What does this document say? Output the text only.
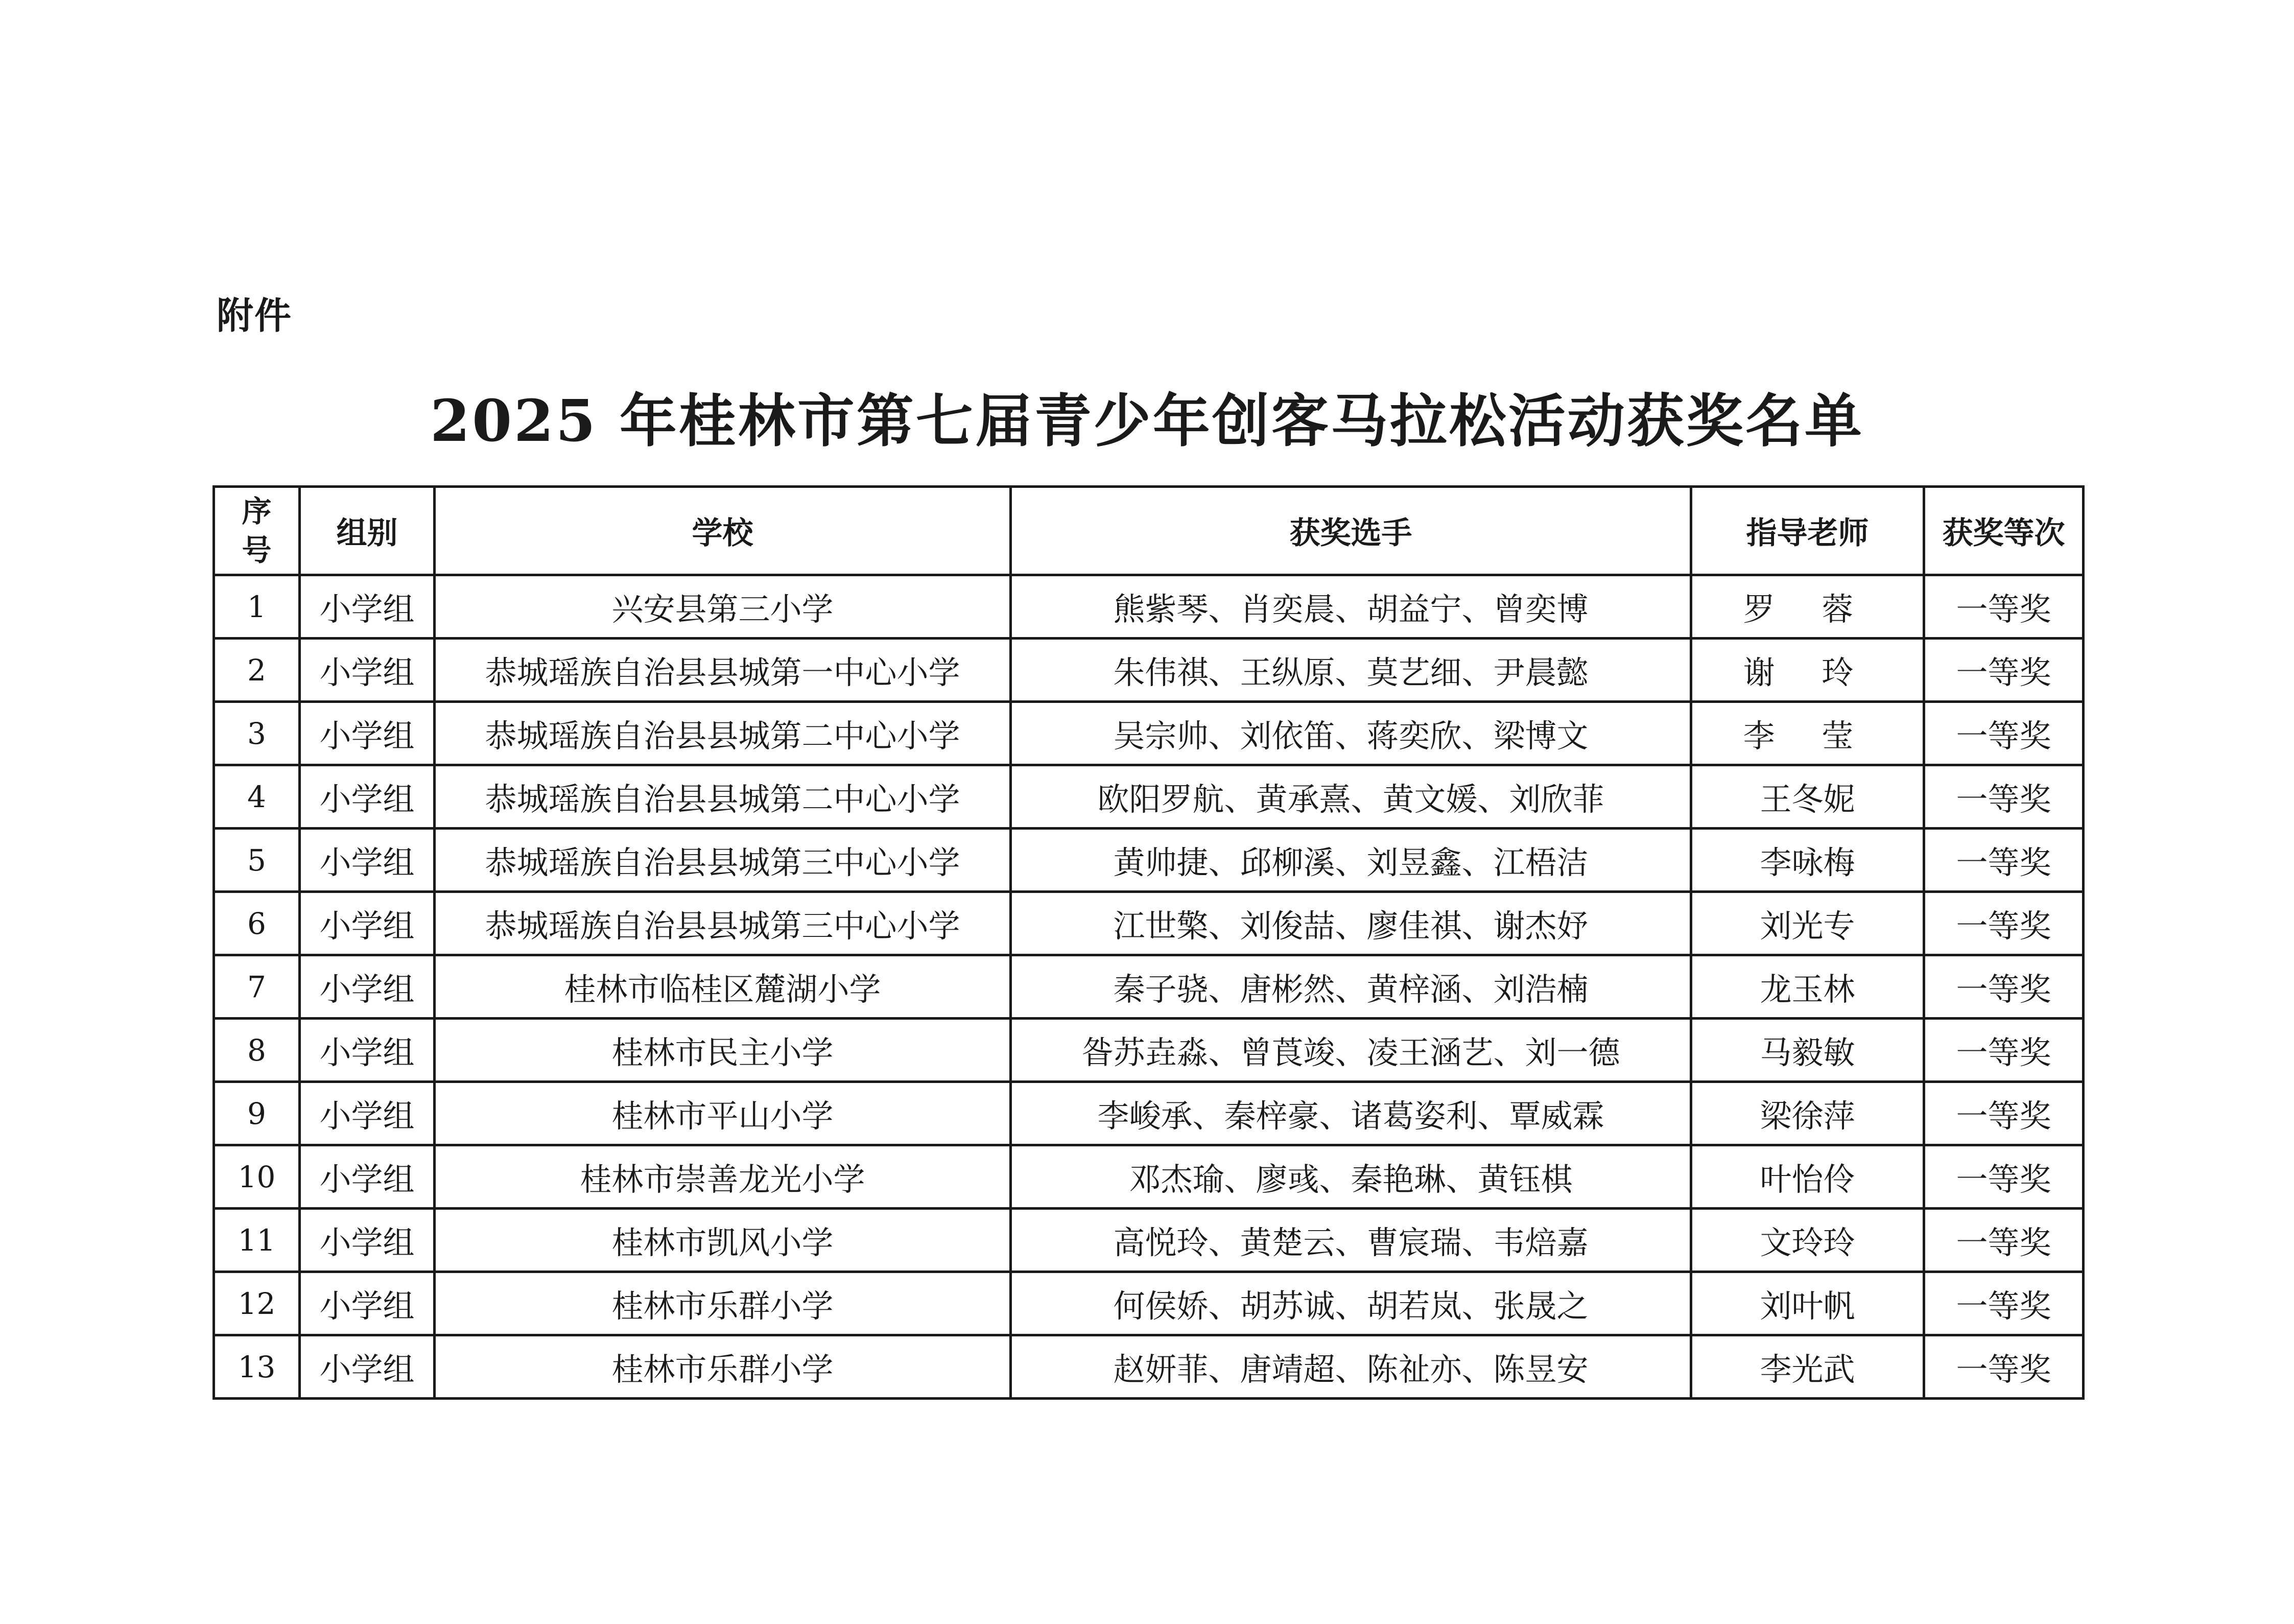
附件
2025 年桂林市第七届青少年创客马拉松活动获奖名单
序
号	组别	学校	获奖选手	指导老师	获奖等次
1	小学组	兴安县第三小学	熊紫琴、肖奕晨、胡益宁、曾奕博	罗 蓉	一等奖
2	小学组	恭城瑶族自治县县城第一中心小学	朱伟祺、王纵原、莫艺细、尹晨懿	谢 玲	一等奖
3	小学组	恭城瑶族自治县县城第二中心小学	吴宗帅、刘依笛、蒋奕欣、梁博文	李 莹	一等奖
4	小学组	恭城瑶族自治县县城第二中心小学	欧阳罗航、黄承熹、黄文媛、刘欣菲	王冬妮	一等奖
5	小学组	恭城瑶族自治县县城第三中心小学	黄帅捷、邱柳溪、刘昱鑫、江梧洁	李咏梅	一等奖
6	小学组	恭城瑶族自治县县城第三中心小学	江世檠、刘俊喆、廖佳祺、谢杰妤	刘光专	一等奖
7	小学组	桂林市临桂区麓湖小学	秦子骁、唐彬然、黄梓涵、刘浩楠	龙玉林	一等奖
8	小学组	桂林市民主小学	昝苏垚淼、曾莨竣、凌王涵艺、刘一德	马毅敏	一等奖
9	小学组	桂林市平山小学	李峻承、秦梓豪、诸葛姿利、覃威霖	梁徐萍	一等奖
10	小学组	桂林市崇善龙光小学	邓杰瑜、廖彧、秦艳琳、黄钰棋	叶怡伶	一等奖
11	小学组	桂林市凯风小学	高悦玲、黄楚云、曹宸瑞、韦焙嘉	文玲玲	一等奖
12	小学组	桂林市乐群小学	何侯娇、胡苏诚、胡若岚、张晟之	刘叶帆	一等奖
13	小学组	桂林市乐群小学	赵妍菲、唐靖超、陈祉亦、陈昱安	李光武	一等奖
